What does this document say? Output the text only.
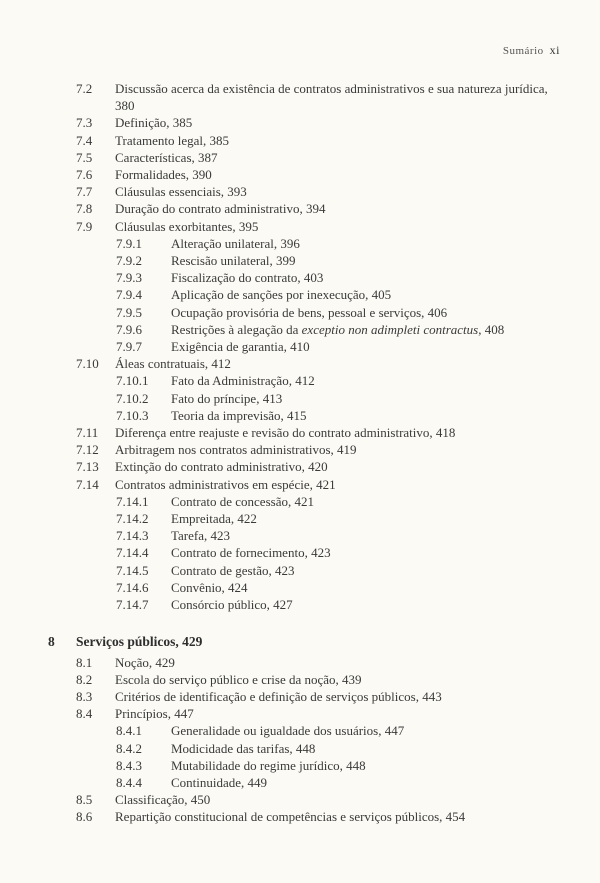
Sumário xi
7.2 Discussão acerca da existência de contratos administrativos e sua natureza jurídica, 380
7.3 Definição, 385
7.4 Tratamento legal, 385
7.5 Características, 387
7.6 Formalidades, 390
7.7 Cláusulas essenciais, 393
7.8 Duração do contrato administrativo, 394
7.9 Cláusulas exorbitantes, 395
7.9.1 Alteração unilateral, 396
7.9.2 Rescisão unilateral, 399
7.9.3 Fiscalização do contrato, 403
7.9.4 Aplicação de sanções por inexecução, 405
7.9.5 Ocupação provisória de bens, pessoal e serviços, 406
7.9.6 Restrições à alegação da exceptio non adimpleti contractus, 408
7.9.7 Exigência de garantia, 410
7.10 Áleas contratuais, 412
7.10.1 Fato da Administração, 412
7.10.2 Fato do príncipe, 413
7.10.3 Teoria da imprevisão, 415
7.11 Diferença entre reajuste e revisão do contrato administrativo, 418
7.12 Arbitragem nos contratos administrativos, 419
7.13 Extinção do contrato administrativo, 420
7.14 Contratos administrativos em espécie, 421
7.14.1 Contrato de concessão, 421
7.14.2 Empreitada, 422
7.14.3 Tarefa, 423
7.14.4 Contrato de fornecimento, 423
7.14.5 Contrato de gestão, 423
7.14.6 Convênio, 424
7.14.7 Consórcio público, 427
8 Serviços públicos, 429
8.1 Noção, 429
8.2 Escola do serviço público e crise da noção, 439
8.3 Critérios de identificação e definição de serviços públicos, 443
8.4 Princípios, 447
8.4.1 Generalidade ou igualdade dos usuários, 447
8.4.2 Modicidade das tarifas, 448
8.4.3 Mutabilidade do regime jurídico, 448
8.4.4 Continuidade, 449
8.5 Classificação, 450
8.6 Repartição constitucional de competências e serviços públicos, 454
